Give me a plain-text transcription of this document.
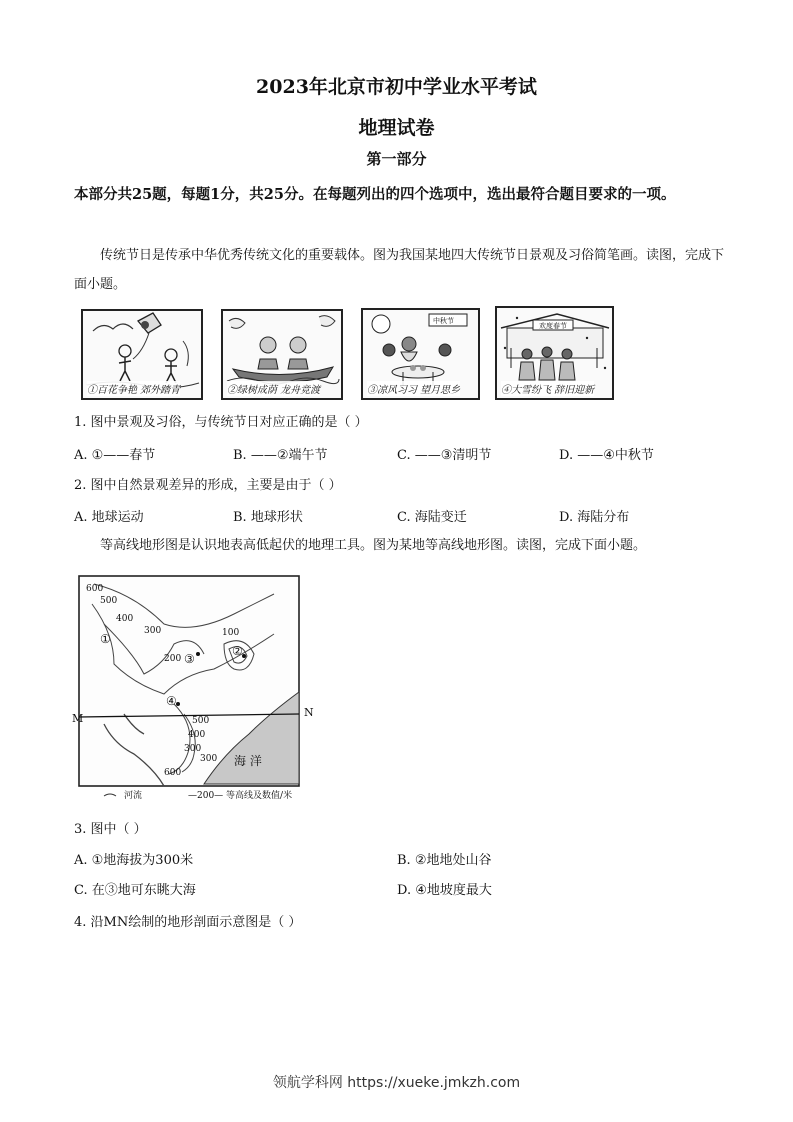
2023年北京市初中学业水平考试
地理试卷
第一部分
本部分共25题，每题1分，共25分。在每题列出的四个选项中，选出最符合题目要求的一项。
传统节日是传承中华优秀传统文化的重要载体。图为我国某地四大传统节日景观及习俗简笔画。读图，完成下面小题。
①百花争艳 郊外踏青	②绿树成荫 龙舟竞渡
中秋节
③凉风习习 望月思乡
欢度春节
④大雪纷飞 辞旧迎新
1. 图中景观及习俗，与传统节日对应正确的是（ ）
A. ①——春节	B. ——②端午节	C. ——③清明节	D. ——④中秋节
2. 图中自然景观差异的形成，主要是由于（ ）
A. 地球运动	B. 地球形状	C. 海陆变迁	D. 海陆分布
等高线地形图是认识地表高低起伏的地理工具。图为某地等高线地形图。读图，完成下面小题。
600
500
400
300
200
100
500
400
300
600
300
①
②
③
④
M	N
海 洋
河流	—200— 等高线及数值/米
3. 图中（ ）
A. ①地海拔为300米	B. ②地地处山谷
C. 在③地可东眺大海	D. ④地坡度最大
4. 沿MN绘制的地形剖面示意图是（ ）
领航学科网 https://xueke.jmkzh.com
